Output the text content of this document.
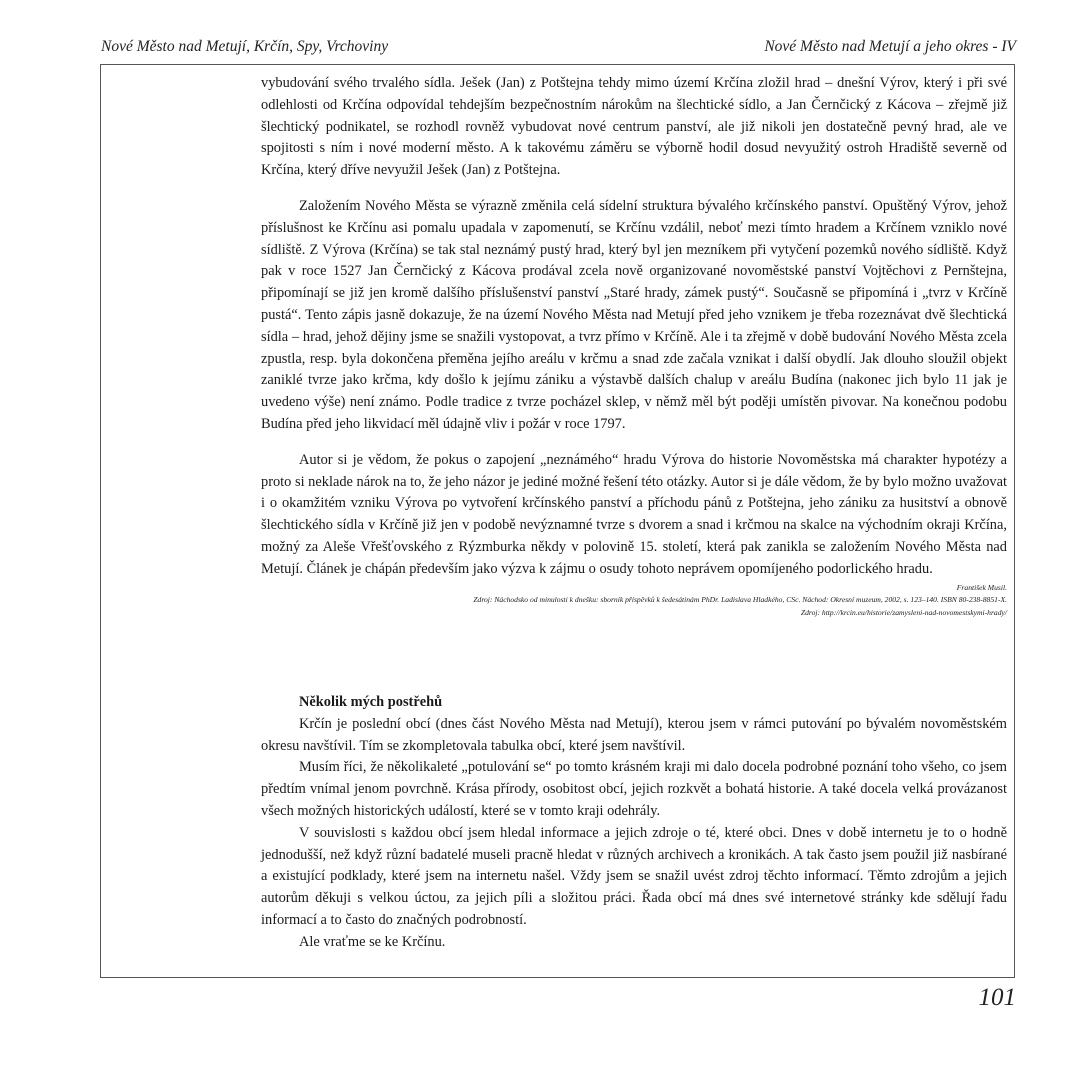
Nové Město nad Metují, Krčín, Spy, Vrchoviny	Nové Město nad Metují a jeho okres - IV

vybudování svého trvalého sídla. Ješek (Jan) z Potštejna tehdy mimo území Krčína zložil hrad – dnešní Výrov, který i při své odlehlosti od Krčína odpovídal tehdejším bezpečnostním nárokům na šlechtické sídlo, a Jan Černčický z Kácova – zřejmě již šlechtický podnikatel, se rozhodl rovněž vybudovat nové centrum panství, ale již nikoli jen dostatečně pevný hrad, ale ve spojitosti s ním i nové moderní město. A k takovému záměru se výborně hodil dosud nevyužitý ostroh Hradiště severně od Krčína, který dříve nevyužil Ješek (Jan) z Potštejna.

Založením Nového Města se výrazně změnila celá sídelní struktura bývalého krčínského panství. Opuštěný Výrov, jehož příslušnost ke Krčínu asi pomalu upadala v zapomenutí, se Krčínu vzdálil, neboť mezi tímto hradem a Krčínem vzniklo nové sídliště. Z Výrova (Krčína) se tak stal neznámý pustý hrad, který byl jen mezníkem při vytyčení pozemků nového sídliště. Když pak v roce 1527 Jan Černčický z Kácova prodával zcela nově organizované novoměstské panství Vojtěchovi z Pernštejna, připomínají se již jen kromě dalšího příslušenství panství „Staré hrady, zámek pustý“. Současně se připomíná i „tvrz v Krčíně pustá“. Tento zápis jasně dokazuje, že na území Nového Města nad Metují před jeho vznikem je třeba rozeznávat dvě šlechtická sídla – hrad, jehož dějiny jsme se snažili vystopovat, a tvrz přímo v Krčíně. Ale i ta zřejmě v době budování Nového Města zcela zpustla, resp. byla dokončena přeměna jejího areálu v krčmu a snad zde začala vznikat i další obydlí. Jak dlouho sloužil objekt zaniklé tvrze jako krčma, kdy došlo k jejímu zániku a výstavbě dalších chalup v areálu Budína (nakonec jich bylo 11 jak je uvedeno výše) není známo. Podle tradice z tvrze pocházel sklep, v němž měl být poději umístěn pivovar. Na konečnou podobu Budína před jeho likvidací měl údajně vliv i požár v roce 1797.

Autor si je vědom, že pokus o zapojení „neznámého“ hradu Výrova do historie Novoměstska má charakter hypotézy a proto si neklade nárok na to, že jeho názor je jediné možné řešení této otázky. Autor si je dále vědom, že by bylo možno uvažovat i o okamžitém vzniku Výrova po vytvoření krčínského panství a příchodu pánů z Potštejna, jeho zániku za husitství a obnově šlechtického sídla v Krčíně již jen v podobě nevýznamné tvrze s dvorem a snad i krčmou na skalce na východním okraji Krčína, možný za Aleše Vřešťovského z Rýzmburka někdy v polovině 15. století, která pak zanikla se založením Nového Města nad Metují. Článek je chápán především jako výzva k zájmu o osudy tohoto neprávem opomíjeného podorlického hradu.

František Musil.
Zdroj: Náchodsko od minulosti k dnešku: sborník příspěvků k šedesátinám PhDr. Ladislava Hladkého, CSc. Náchod: Okresní muzeum, 2002, s. 123–140. ISBN 80-238-8851-X.
Zdroj: http://krcin.eu/historie/zamysleni-nad-novomestskymi-hrady/
Několik mých postřehů

Krčín je poslední obcí (dnes část Nového Města nad Metují), kterou jsem v rámci putování po bývalém novoměstském okresu navštívil. Tím se zkompletovala tabulka obcí, které jsem navštívil.

Musím říci, že několikaleté „potulování se“ po tomto krásném kraji mi dalo docela podrobné poznání toho všeho, co jsem předtím vnímal jenom povrchně. Krása přírody, osobitost obcí, jejich rozkvět a bohatá historie. A také docela velká provázanost všech možných historických událostí, které se v tomto kraji odehrály.

V souvislosti s každou obcí jsem hledal informace a jejich zdroje o té, které obci. Dnes v době internetu je to o hodně jednodušší, než když různí badatelé museli pracně hledat v různých archivech a kronikách. A tak často jsem použil již nasbírané a existující podklady, které jsem na internetu našel. Vždy jsem se snažil uvést zdroj těchto informací. Těmto zdrojům a jejich autorům děkuji s velkou úctou, za jejich píli a složitou práci. Řada obcí má dnes své internetové stránky kde sdělují řadu informací a to často do značných podrobností.

Ale vraťme se ke Krčínu.

101
